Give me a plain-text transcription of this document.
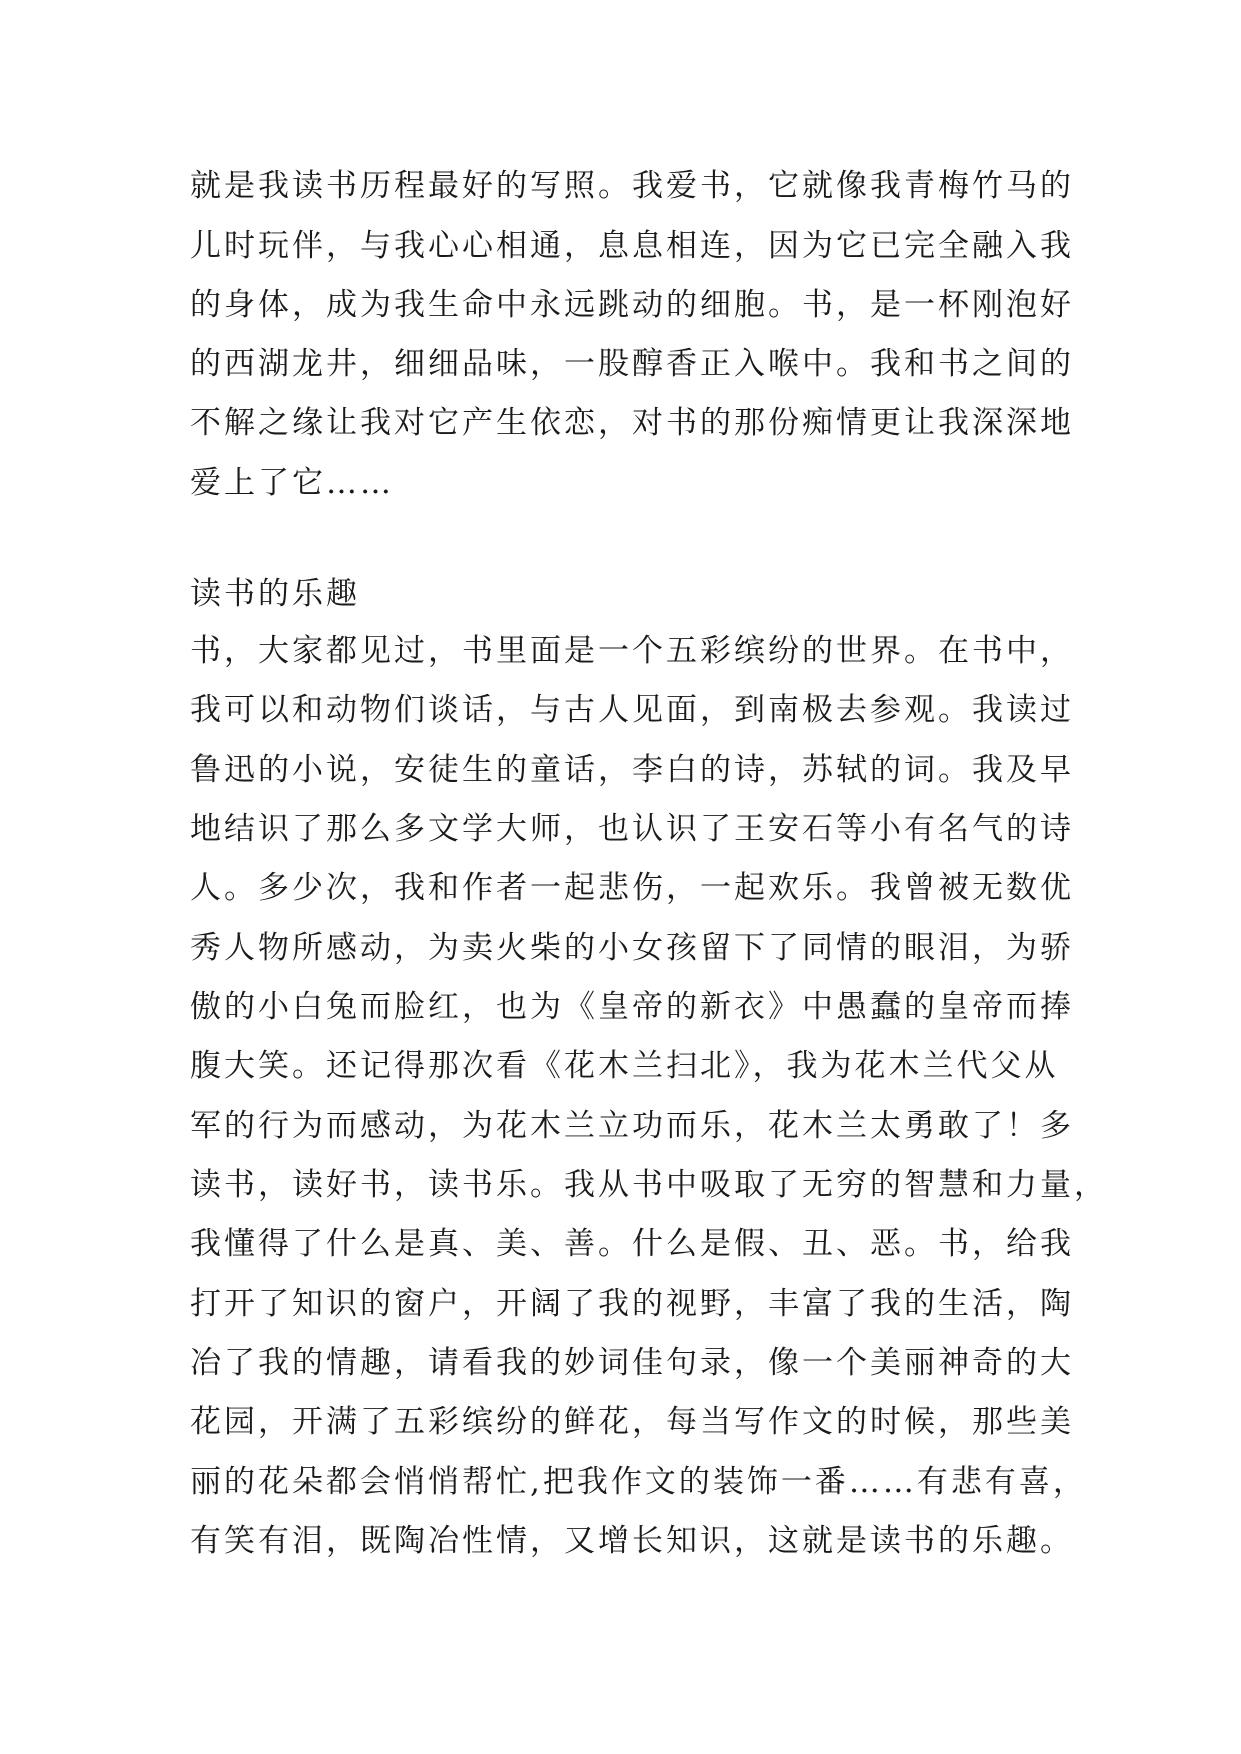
就是我读书历程最好的写照。我爱书，它就像我青梅竹马的
儿时玩伴，与我心心相通，息息相连，因为它已完全融入我
的身体，成为我生命中永远跳动的细胞。书，是一杯刚泡好
的西湖龙井，细细品味，一股醇香正入喉中。我和书之间的
不解之缘让我对它产生依恋，对书的那份痴情更让我深深地
爱上了它……
读书的乐趣
书，大家都见过，书里面是一个五彩缤纷的世界。在书中，
我可以和动物们谈话，与古人见面，到南极去参观。我读过
鲁迅的小说，安徒生的童话，李白的诗，苏轼的词。我及早
地结识了那么多文学大师，也认识了王安石等小有名气的诗
人。多少次，我和作者一起悲伤，一起欢乐。我曾被无数优
秀人物所感动，为卖火柴的小女孩留下了同情的眼泪，为骄
傲的小白兔而脸红，也为《皇帝的新衣》中愚蠢的皇帝而捧
腹大笑。还记得那次看《花木兰扫北》，我为花木兰代父从
军的行为而感动，为花木兰立功而乐，花木兰太勇敢了！多
读书，读好书，读书乐。我从书中吸取了无穷的智慧和力量，
我懂得了什么是真、美、善。什么是假、丑、恶。书，给我
打开了知识的窗户，开阔了我的视野，丰富了我的生活，陶
冶了我的情趣，请看我的妙词佳句录，像一个美丽神奇的大
花园，开满了五彩缤纷的鲜花，每当写作文的时候，那些美
丽的花朵都会悄悄帮忙,把我作文的装饰一番……有悲有喜，
有笑有泪，既陶冶性情，又增长知识，这就是读书的乐趣。
